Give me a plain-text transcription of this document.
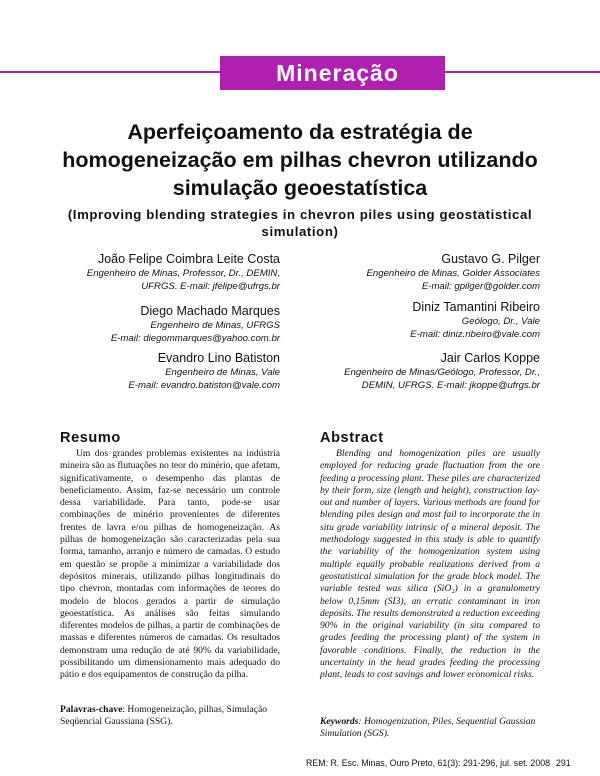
Mineração
Aperfeiçoamento da estratégia de homogeneização em pilhas chevron utilizando simulação geoestatística
(Improving blending strategies in chevron piles using geostatistical simulation)
João Felipe Coimbra Leite Costa
Engenheiro de Minas, Professor, Dr., DEMIN,
UFRGS. E-mail: jfelipe@ufrgs.br
Diego Machado Marques
Engenheiro de Minas, UFRGS
E-mail: diegommarques@yahoo.com.br
Evandro Lino Batiston
Engenheiro de Minas, Vale
E-mail: evandro.batiston@vale.com
Gustavo G. Pilger
Engenheiro de Minas, Golder Associates
E-mail: gpilger@golder.com
Diniz Tamantini Ribeiro
Geólogo, Dr., Vale
E-mail: diniz.ribeiro@vale.com
Jair Carlos Koppe
Engenheiro de Minas/Geólogo, Professor, Dr.,
DEMIN, UFRGS. E-mail: jkoppe@ufrgs.br
Resumo

Um dos grandes problemas existentes na indústria mineira são as flutuações no teor do minério, que afetam, significativamente, o desempenho das plantas de beneficiamento. Assim, faz-se necessário um controle dessa variabilidade. Para tanto, pode-se usar combinações de minério provenientes de diferentes frentes de lavra e/ou pilhas de homogeneização. As pilhas de homogeneização são caracterizadas pela sua forma, tamanho, arranjo e número de camadas. O estudo em questão se propõe a minimizar a variabilidade dos depósitos minerais, utilizando pilhas longitudinais do tipo chevron, montadas com informações de teores do modelo de blocos gerados a partir de simulação geoestatística. As análises são feitas simulando diferentes modelos de pilhas, a partir de combinações de massas e diferentes números de camadas. Os resultados demonstram uma redução de até 90% da variabilidade, possibilitando um dimensionamento mais adequado do pátio e dos equipamentos de construção da pilha.

Palavras-chave: Homogeneização, pilhas, Simulação Seqüencial Gaussiana (SSG).
Abstract

Blending and homogenization piles are usually employed for reducing grade fluctuation from the ore feeding a processing plant. These piles are characterized by their form, size (length and height), construction lay-out and number of layers. Various methods are found for blending piles design and most fail to incorporate the in situ grade variability intrinsic of a mineral deposit. The methodology suggested in this study is able to quantify the variability of the homogenization system using multiple equally probable realizations derived from a geostatistical simulation for the grade block model. The variable tested was silica (SiO₂) in a granulometry below 0,15mm (SI3), an erratic contaminant in iron deposits. The results demonstrated a reduction exceeding 90% in the original variability (in situ compared to grades feeding the processing plant) of the system in favorable conditions. Finally, the reduction in the uncertainty in the head grades feeding the processing plant, leads to cost savings and lower economical risks.

Keywords: Homogenization, Piles, Sequential Gaussian Simulation (SGS).
REM: R. Esc. Minas, Ouro Preto, 61(3): 291-296, jul. set. 2008 291
